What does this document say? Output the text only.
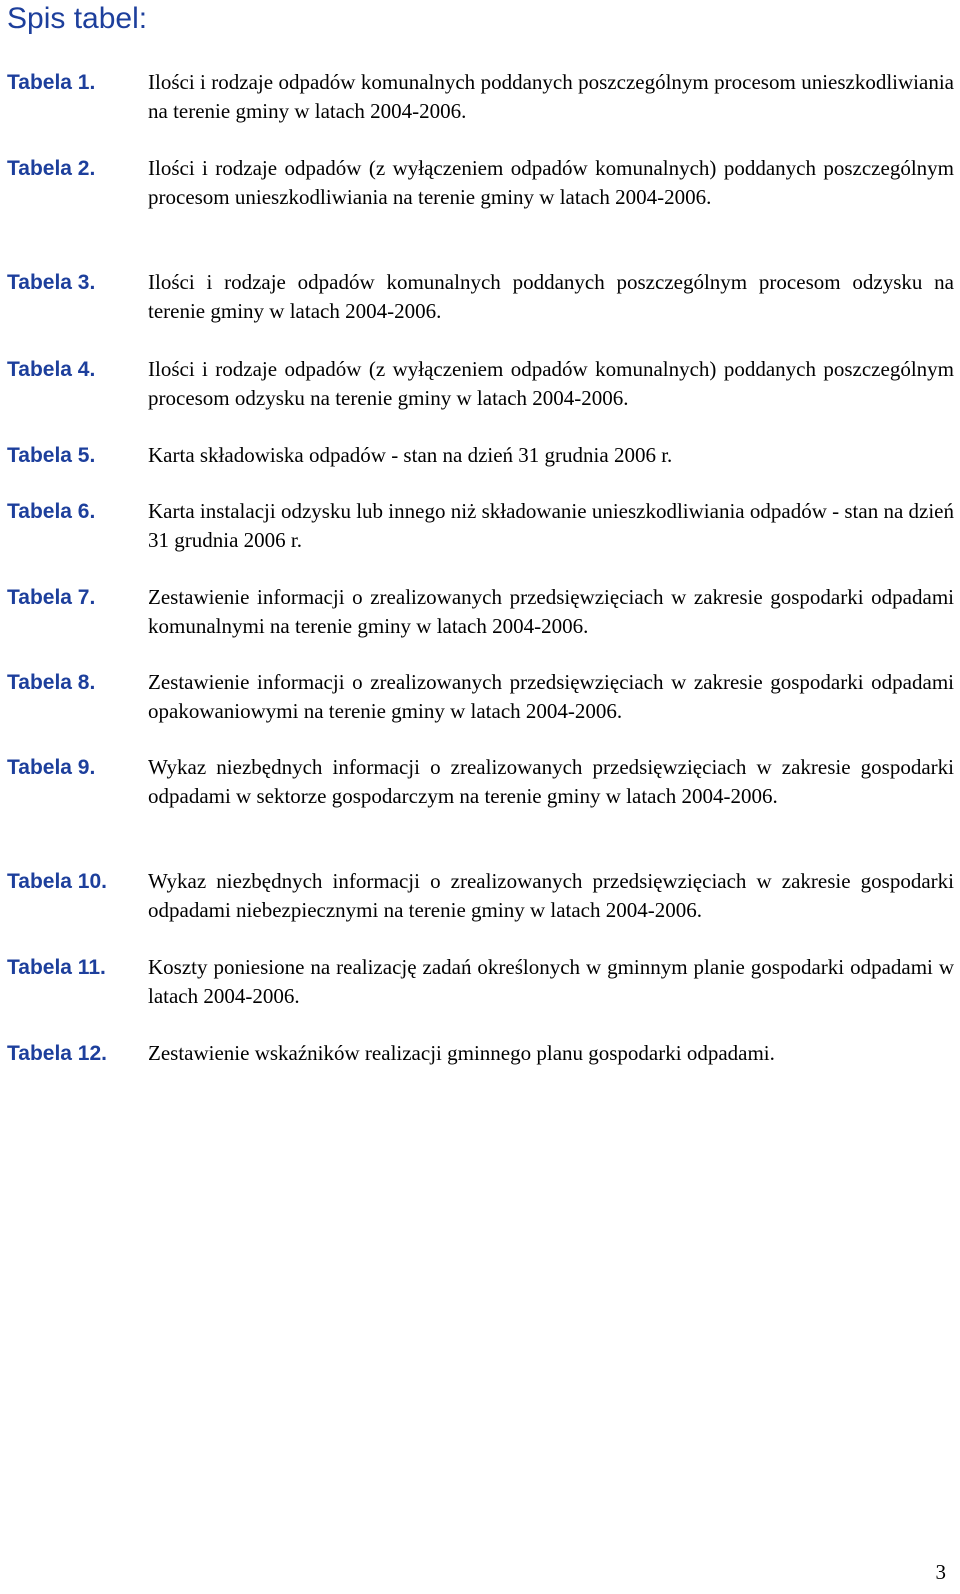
Spis tabel:
Tabela 1.	Ilości i rodzaje odpadów komunalnych poddanych poszczególnym procesom unieszkodliwiania na terenie gminy w latach 2004-2006.
Tabela 2.	Ilości i rodzaje odpadów (z wyłączeniem odpadów komunalnych) poddanych poszczególnym procesom unieszkodliwiania na terenie gminy w latach 2004-2006.
Tabela 3.	Ilości i rodzaje odpadów komunalnych poddanych poszczególnym procesom odzysku na terenie gminy w latach 2004-2006.
Tabela 4.	Ilości i rodzaje odpadów (z wyłączeniem odpadów komunalnych) poddanych poszczególnym procesom odzysku na terenie gminy w latach 2004-2006.
Tabela 5.	Karta składowiska odpadów - stan na dzień 31 grudnia 2006 r.
Tabela 6.	Karta instalacji odzysku lub innego niż składowanie unieszkodliwiania odpadów - stan na dzień 31 grudnia 2006 r.
Tabela 7.	Zestawienie informacji o zrealizowanych przedsięwzięciach w zakresie gospodarki odpadami komunalnymi na terenie gminy w latach 2004-2006.
Tabela 8.	Zestawienie informacji o zrealizowanych przedsięwzięciach w zakresie gospodarki odpadami opakowaniowymi na terenie gminy w latach 2004-2006.
Tabela 9.	Wykaz niezbędnych informacji o zrealizowanych przedsięwzięciach w zakresie gospodarki odpadami w sektorze gospodarczym na terenie gminy w latach 2004-2006.
Tabela 10. Wykaz niezbędnych informacji o zrealizowanych przedsięwzięciach w zakresie gospodarki odpadami niebezpiecznymi na terenie gminy w latach 2004-2006.
Tabela 11. Koszty poniesione na realizację zadań określonych w gminnym planie gospodarki odpadami w latach 2004-2006.
Tabela 12. Zestawienie wskaźników realizacji gminnego planu gospodarki odpadami.
3
